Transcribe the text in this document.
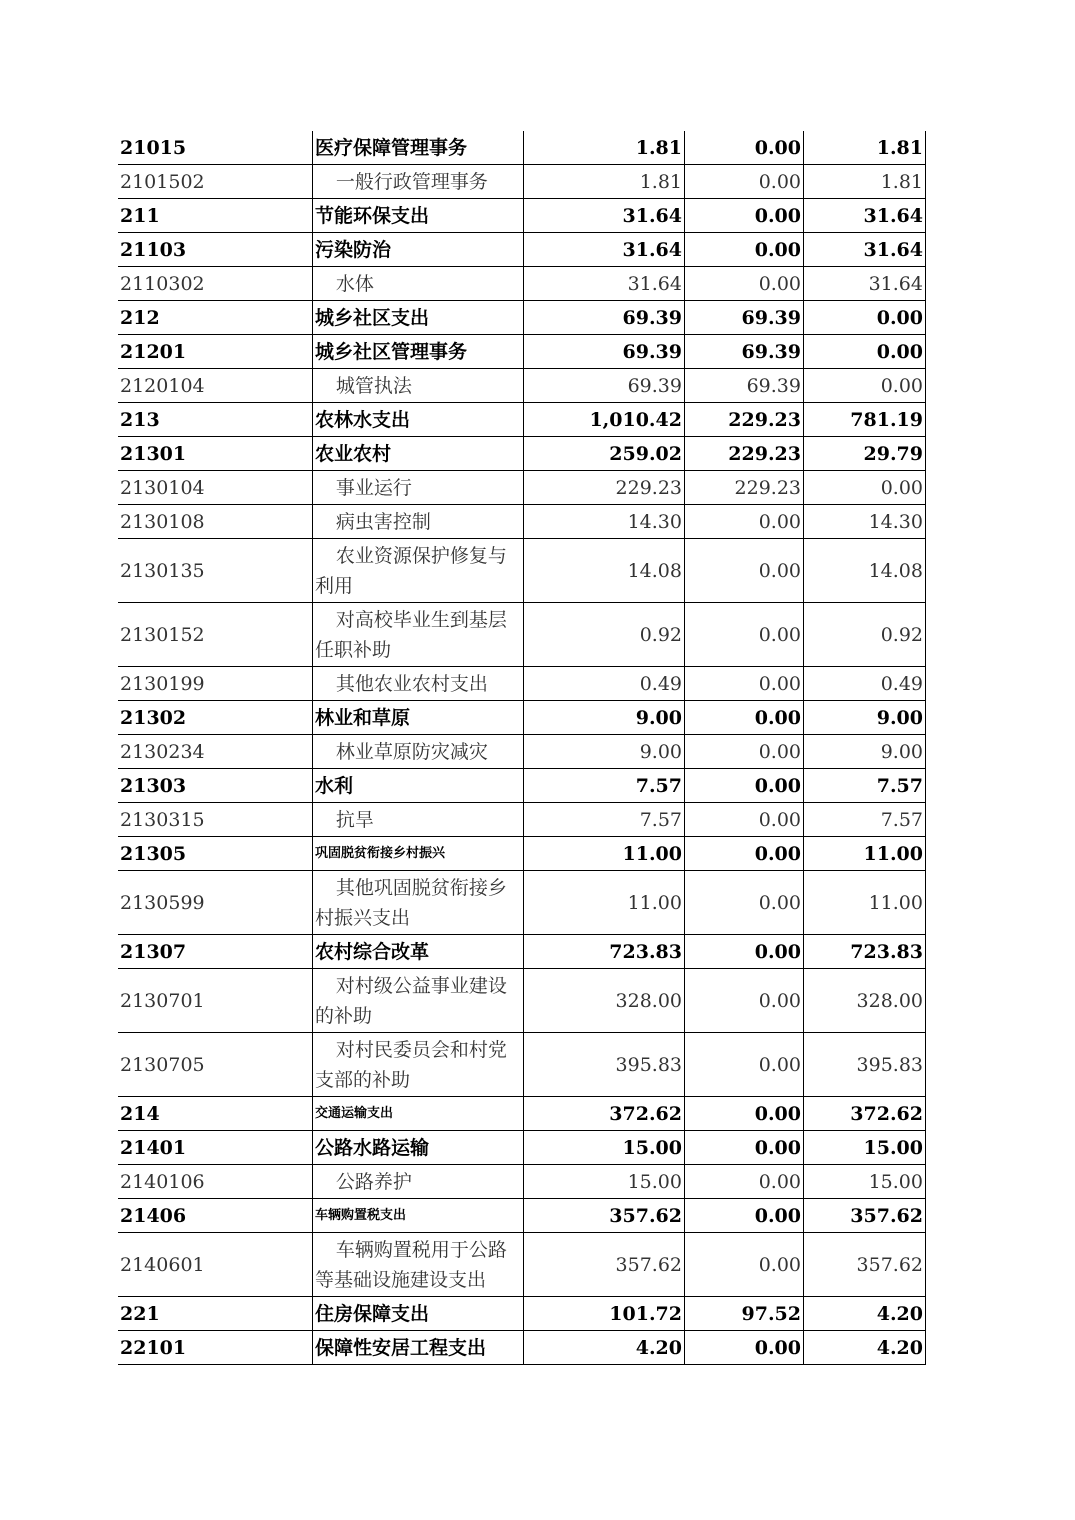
21015	医疗保障管理事务	1.81	0.00	1.81
2101502	一般行政管理事务	1.81	0.00	1.81
211	节能环保支出	31.64	0.00	31.64
21103	污染防治	31.64	0.00	31.64
2110302	水体	31.64	0.00	31.64
212	城乡社区支出	69.39	69.39	0.00
21201	城乡社区管理事务	69.39	69.39	0.00
2120104	城管执法	69.39	69.39	0.00
213	农林水支出	1,010.42	229.23	781.19
21301	农业农村	259.02	229.23	29.79
2130104	事业运行	229.23	229.23	0.00
2130108	病虫害控制	14.30	0.00	14.30
2130135	农业资源保护修复与利用	14.08	0.00	14.08
2130152	对高校毕业生到基层任职补助	0.92	0.00	0.92
2130199	其他农业农村支出	0.49	0.00	0.49
21302	林业和草原	9.00	0.00	9.00
2130234	林业草原防灾减灾	9.00	0.00	9.00
21303	水利	7.57	0.00	7.57
2130315	抗旱	7.57	0.00	7.57
21305	巩固脱贫衔接乡村振兴	11.00	0.00	11.00
2130599	其他巩固脱贫衔接乡村振兴支出	11.00	0.00	11.00
21307	农村综合改革	723.83	0.00	723.83
2130701	对村级公益事业建设的补助	328.00	0.00	328.00
2130705	对村民委员会和村党支部的补助	395.83	0.00	395.83
214	交通运输支出	372.62	0.00	372.62
21401	公路水路运输	15.00	0.00	15.00
2140106	公路养护	15.00	0.00	15.00
21406	车辆购置税支出	357.62	0.00	357.62
2140601	车辆购置税用于公路等基础设施建设支出	357.62	0.00	357.62
221	住房保障支出	101.72	97.52	4.20
22101	保障性安居工程支出	4.20	0.00	4.20
